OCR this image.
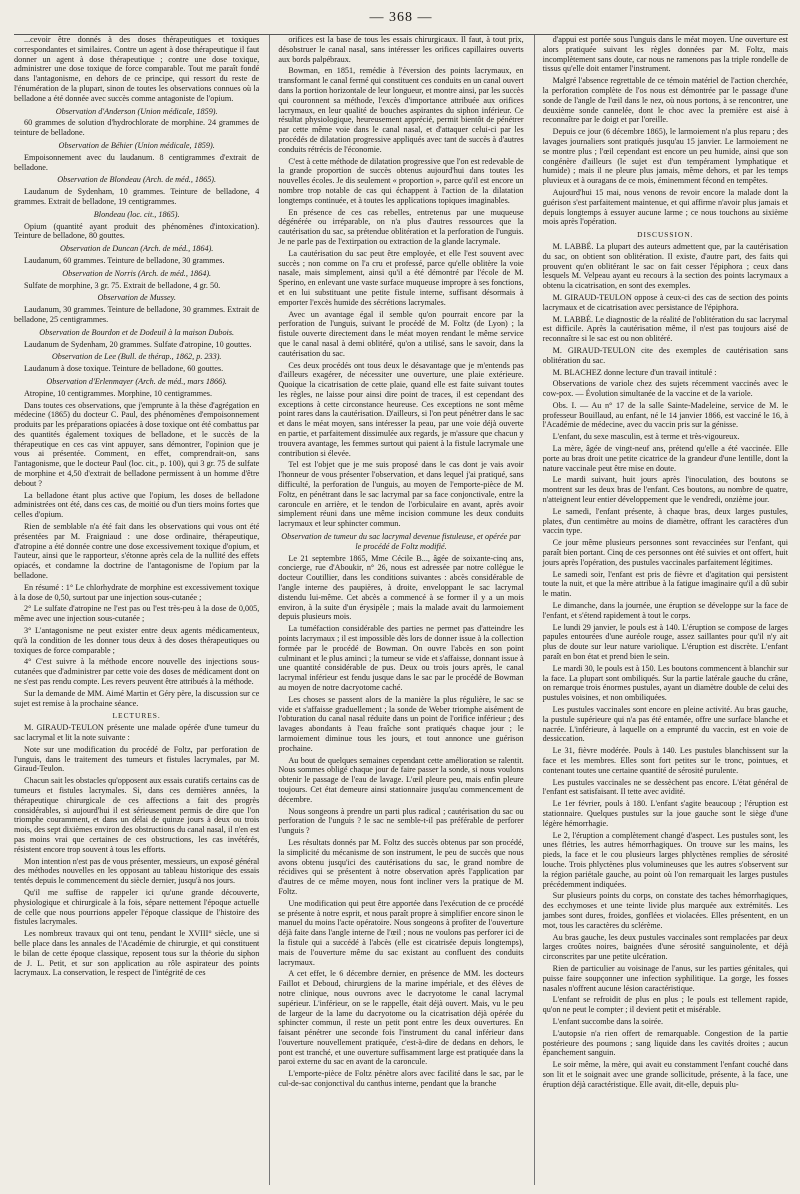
— 368 —

...cevoir être donnés à des doses thérapeutiques et toxiques correspondantes et similaires. Contre un agent à dose thérapeutique il faut donner un agent à dose thérapeutique ; contre une dose toxique, administrer une dose toxique de force comparable. Tout me paraît fondé dans l'antagonisme, en dehors de ce principe, qui ressort du reste de l'énumération de la plupart, sinon de toutes les observations connues où la belladone a été donnée avec succès comme antagoniste de l'opium.

Observation d'Anderson (Union médicale, 1859).

60 grammes de solution d'hydrochlorate de morphine. 24 grammes de teinture de belladone.

Observation de Béhier (Union médicale, 1859).

Empoisonnement avec du laudanum. 8 centigrammes d'extrait de belladone.

Observation de Blondeau (Arch. de méd., 1865).

Laudanum de Sydenham, 10 grammes. Teinture de belladone, 4 grammes. Extrait de belladone, 19 centigrammes.

Blondeau (loc. cit., 1865).

Opium (quantité ayant produit des phénomènes d'intoxication). Teinture de belladone, 80 gouttes.

Observation de Duncan (Arch. de méd., 1864).

Laudanum, 60 grammes. Teinture de belladone, 30 grammes.

Observation de Norris (Arch. de méd., 1864).

Sulfate de morphine, 3 gr. 75. Extrait de belladone, 4 gr. 50.

Observation de Mussey.

Laudanum, 30 grammes. Teinture de belladone, 30 grammes. Extrait de belladone, 25 centigrammes.

Observation de Bourdon et de Dodeuil à la maison Dubois.

Laudanum de Sydenham, 20 grammes. Sulfate d'atropine, 10 gouttes.

Observation de Lee (Bull. de thérap., 1862, p. 233).

Laudanum à dose toxique. Teinture de belladone, 60 gouttes.

Observation d'Erlenmayer (Arch. de méd., mars 1866).

Atropine, 10 centigrammes. Morphine, 10 centigrammes.

Dans toutes ces observations, que j'emprunte à la thèse d'agrégation en médecine (1865) du docteur C. Paul, des phénomènes d'empoisonnement produits par les préparations opiacées à dose toxique ont été combattus par des quantités également toxiques de belladone, et le succès de la thérapeutique en ces cas vint appuyer, sans démontrer, l'opinion que je vous ai présentée. Comment, en effet, comprendrait-on, sans l'antagonisme, que le docteur Paul (loc. cit., p. 100), qui 3 gr. 75 de sulfate de morphine et 4,50 d'extrait de belladone permissent à un homme d'être debout ?

La belladone étant plus active que l'opium, les doses de belladone administrées ont été, dans ces cas, de moitié ou d'un tiers moins fortes que celles d'opium.

Rien de semblable n'a été fait dans les observations qui vous ont été présentées par M. Fraigniaud : une dose ordinaire, thérapeutique, d'atropine a été donnée contre une dose excessivement toxique d'opium, et l'auteur, ainsi que le rapporteur, s'étonne après cela de la nullité des effets opiacés, et condamne la doctrine de l'antagonisme de l'opium par la belladone.

En résumé : 1° Le chlorhydrate de morphine est excessivement toxique à la dose de 0,50, surtout par une injection sous-cutanée ;

2° Le sulfate d'atropine ne l'est pas ou l'est très-peu à la dose de 0,005, même avec une injection sous-cutanée ;

3° L'antagonisme ne peut exister entre deux agents médicamenteux, qu'à la condition de les donner tous deux à des doses thérapeutiques ou toxiques de force comparable ;

4° C'est suivre à la méthode encore nouvelle des injections sous-cutanées que d'administrer par cette voie des doses de médicament dont on ne s'est pas rendu compte. Les revers peuvent être attribués à la méthode.

Sur la demande de MM. Aimé Martin et Géry père, la discussion sur ce sujet est remise à la prochaine séance.

LECTURES.

M. GIRAUD-TEULON présente une malade opérée d'une tumeur du sac lacrymal et lit la note suivante :

Note sur une modification du procédé de Foltz, par perforation de l'unguis, dans le traitement des tumeurs et fistules lacrymales, par M. Giraud-Teulon.

Chacun sait les obstacles qu'opposent aux essais curatifs certains cas de tumeurs et fistules lacrymales. Si, dans ces dernières années, la thérapeutique chirurgicale de ces affections a fait des progrès considérables, si aujourd'hui il est sérieusement permis de dire que l'on triomphe couramment, et dans un délai de quinze jours à deux ou trois mois, des sept dixièmes environ des obstructions du canal nasal, il n'en est pas moins vrai que certaines de ces obstructions, les cas invétérés, résistent encore trop souvent à tous les efforts.

Mon intention n'est pas de vous présenter, messieurs, un exposé général des méthodes nouvelles en les opposant au tableau historique des essais tentés depuis le commencement du siècle dernier, jusqu'à nos jours.

Qu'il me suffise de rappeler ici qu'une grande découverte, physiologique et chirurgicale à la fois, sépare nettement l'époque actuelle de celle que nous pourrions appeler l'époque classique de l'histoire des fistules lacrymales.

Les nombreux travaux qui ont tenu, pendant le XVIII° siècle, une si belle place dans les annales de l'Académie de chirurgie, et qui constituent le bilan de cette époque classique, reposent tous sur la théorie du siphon de J. L. Petit, et sur son application au rôle aspirateur des points lacrymaux. La conservation, le respect de l'intégrité de ces

orifices est la base de tous les essais chirurgicaux. Il faut, à tout prix, désobstruer le canal nasal, sans intéresser les orifices capillaires ouverts aux bords palpébraux.

Bowman, en 1851, remédie à l'éversion des points lacrymaux, en transformant le canal fermé qui constituent ces conduits en un canal ouvert dans la portion horizontale de leur longueur, et montre ainsi, par les succès qui couronnent sa méthode, l'excès d'importance attribuée aux orifices lacrymaux, en leur qualité de bouches aspirantes du siphon inférieur. Ce résultat physiologique, heureusement apprécié, permit bientôt de pénétrer par cette même voie dans le canal nasal, et d'attaquer celui-ci par les procédés de dilatation progressive appliqués avec tant de succès à d'autres conduits rétrécis de l'économie.

C'est à cette méthode de dilatation progressive que l'on est redevable de la grande proportion de succès obtenus aujourd'hui dans toutes les nouvelles écoles. Je dis seulement « proportion », parce qu'il est encore un nombre trop notable de cas qui échappent à l'action de la dilatation longtemps continuée, et à toutes les applications topiques imaginables.

En présence de ces cas rebelles, entretenus par une muqueuse dégénérée ou irréparable, on n'a plus d'autres ressources que la cautérisation du sac, sa prétendue oblitération et la perforation de l'unguis. Je ne parle pas de l'extirpation ou extraction de la glande lacrymale.

La cautérisation du sac peut être employée, et elle l'est souvent avec succès ; non comme on l'a cru et professé, parce qu'elle oblitère la voie nasale, mais simplement, ainsi qu'il a été démontré par l'école de M. Sperino, en enlevant une vaste surface muqueuse impropre à ses fonctions, et en lui substituant une petite fistule interne, suffisant désormais à emporter l'excès humide des sécrétions lacrymales.

Avec un avantage égal il semble qu'on pourrait encore par la perforation de l'unguis, suivant le procédé de M. Foltz (de Lyon) ; la fistule ouverte directement dans le méat moyen rendant le même service que le canal nasal à demi oblitéré, qu'on a utilisé, sans le savoir, dans la cautérisation du sac.

Ces deux procédés ont tous deux le désavantage que je m'entends pas d'ailleurs exagérer, de nécessiter une ouverture, une plaie extérieure. Quoique la cicatrisation de cette plaie, quand elle est faite suivant toutes les règles, ne laisse pour ainsi dire point de traces, il est cependant des exceptions à cette circonstance heureuse. Ces exceptions ne sont même point rares dans la cautérisation. D'ailleurs, si l'on peut pénétrer dans le sac et dans le méat moyen, sans intéresser la peau, par une voie déjà ouverte en partie, et parfaitement dissimulée aux regards, je m'assure que chacun y trouvera avantage, les femmes surtout qui paient à la fistule lacrymale une contribution si élevée.

Tel est l'objet que je me suis proposé dans le cas dont je vais avoir l'honneur de vous présenter l'observation, et dans lequel j'ai pratiqué, sans difficulté, la perforation de l'unguis, au moyen de l'emporte-pièce de M. Foltz, en pénétrant dans le sac lacrymal par sa face conjonctivale, entre la caroncule en arrière, et le tendon de l'orbiculaire en avant, après avoir simplement réuni dans une même incision commune les deux conduits lacrymaux et leur sphincter commun.

Observation de tumeur du sac lacrymal devenue fistuleuse, et opérée par le procédé de Foltz modifié.

Le 21 septembre 1865, Mme Cécile B..., âgée de soixante-cinq ans, concierge, rue d'Aboukir, n° 26, nous est adressée par notre collègue le docteur Coutillier, dans les conditions suivantes : abcès considérable de l'angle interne des paupières, à droite, enveloppant le sac lacrymal distendu lui-même. Cet abcès a commencé à se former il y a un mois environ, à la suite d'un érysipèle ; mais la malade avait du larmoiement depuis plusieurs mois.

La tuméfaction considérable des parties ne permet pas d'atteindre les points lacrymaux ; il est impossible dès lors de donner issue à la collection formée par le procédé de Bowman. On ouvre l'abcès en son point culminant et le plus aminci ; la tumeur se vide et s'affaisse, donnant issue à une quantité considérable de pus. Deux ou trois jours après, le canal lacrymal inférieur est fendu jusque dans le sac par le procédé de Bowman au moyen de notre dacryotome caché.

Les choses se passent alors de la manière la plus régulière, le sac se vide et s'affaisse graduellement ; la sonde de Weber triomphe aisément de l'obturation du canal nasal réduite dans un point de l'orifice inférieur ; des lavages abondants à l'eau fraîche sont pratiqués chaque jour ; le larmoiement diminue tous les jours, et tout annonce une guérison prochaine.

Au bout de quelques semaines cependant cette amélioration se ralentit. Nous sommes obligé chaque jour de faire passer la sonde, si nous voulons obtenir le passage de l'eau de lavage. L'œil pleure peu, mais enfin pleure toujours. Cet état demeure ainsi stationnaire jusqu'au commencement de décembre.

Nous songeons à prendre un parti plus radical ; cautérisation du sac ou perforation de l'unguis ? le sac ne semble-t-il pas préférable de perforer l'unguis ?

Les résultats donnés par M. Foltz des succès obtenus par son procédé, la simplicité du mécanisme de son instrument, le peu de succès que nous avons obtenu jusqu'ici des cautérisations du sac, le grand nombre de récidives qui se présentent à notre observation après l'application par d'autres de ce même moyen, nous font incliner vers la pratique de M. Foltz.

Une modification qui peut être apportée dans l'exécution de ce procédé se présente à notre esprit, et nous paraît propre à simplifier encore sinon le manuel du moins l'acte opératoire. Nous songeons à profiter de l'ouverture déjà faite dans l'angle interne de l'œil ; nous ne voulons pas perforer ici de la fistule qui a succédé à l'abcès (elle est cicatrisée depuis longtemps), mais de l'ouverture même du sac existant au confluent des conduits lacrymaux.

A cet effet, le 6 décembre dernier, en présence de MM. les docteurs Faillot et Deboud, chirurgiens de la marine impériale, et des élèves de notre clinique, nous ouvrons avec le dacryotome le canal lacrymal supérieur. L'inférieur, on se le rappelle, était déjà ouvert. Mais, vu le peu de largeur de la lame du dacryotome ou la cicatrisation déjà opérée du sphincter commun, il reste un petit pont entre les deux ouvertures. En faisant pénétrer une seconde fois l'instrument du canal inférieur dans l'ouverture nouvellement pratiquée, c'est-à-dire de dedans en dehors, le pont est tranché, et une ouverture suffisamment large est pratiquée dans la paroi externe du sac en avant de la caroncule.

L'emporte-pièce de Foltz pénètre alors avec facilité dans le sac, par le cul-de-sac conjonctival du canthus interne, pendant que la branche

d'appui est portée sous l'unguis dans le méat moyen. Une ouverture est alors pratiquée suivant les règles données par M. Foltz, mais incomplètement sans doute, car nous ne ramenons pas la triple rondelle de tissus qu'elle doit entamer l'instrument.

Malgré l'absence regrettable de ce témoin matériel de l'action cherchée, la perforation complète de l'os nous est démontrée par le passage d'une sonde de l'angle de l'œil dans le nez, où nous portons, à se rencontrer, une deuxième sonde cannelée, dont le choc avec la première est aisé à reconnaître par le doigt et par l'oreille.

Depuis ce jour (6 décembre 1865), le larmoiement n'a plus reparu ; des lavages journaliers sont pratiqués jusqu'au 15 janvier. Le larmoiement ne se montre plus ; l'œil cependant est encore un peu humide, ainsi que son congénère d'ailleurs (le sujet est d'un tempérament lymphatique et humide) ; mais il ne pleure plus jamais, même dehors, et par les temps pluvieux et à ouragans de ce mois, éminemment fécond en tempêtes.

Aujourd'hui 15 mai, nous venons de revoir encore la malade dont la guérison s'est parfaitement maintenue, et qui affirme n'avoir plus jamais et depuis longtemps à essuyer aucune larme ; ce nous touchons au sixième mois après l'opération.

DISCUSSION.

M. LABBÉ. La plupart des auteurs admettent que, par la cautérisation du sac, on obtient son oblitération. Il existe, d'autre part, des faits qui prouvent qu'en oblitérant le sac on fait cesser l'épiphora ; ceux dans lesquels M. Velpeau ayant eu recours à la section des points lacrymaux a obtenu la cicatrisation, en sont des exemples.

M. GIRAUD-TEULON oppose à ceux-ci des cas de section des points lacrymaux et de cicatrisation avec persistance de l'épiphora.

M. LABBÉ. Le diagnostic de la réalité de l'oblitération du sac lacrymal est difficile. Après la cautérisation même, il n'est pas toujours aisé de reconnaître si le sac est ou non oblitéré.

M. GIRAUD-TEULON cite des exemples de cautérisation sans oblitération du sac.

M. BLACHEZ donne lecture d'un travail intitulé :

Observations de variole chez des sujets récemment vaccinés avec le cow-pox. — Évolution simultanée de la vaccine et de la variole.

Obs. I. — Au n° 17 de la salle Sainte-Madeleine, service de M. le professeur Bouillaud, au enfant, né le 14 janvier 1866, est vacciné le 16, à l'Académie de médecine, avec du vaccin pris sur la génisse.

L'enfant, du sexe masculin, est à terme et très-vigoureux.

La mère, âgée de vingt-neuf ans, prétend qu'elle a été vaccinée. Elle porte au bras droit une petite cicatrice de la grandeur d'une lentille, dont la nature vaccinale peut être mise en doute.

Le mardi suivant, huit jours après l'inoculation, des boutons se montrent sur les deux bras de l'enfant. Ces boutons, au nombre de quatre, n'atteignent leur entier développement que le vendredi, onzième jour.

Le samedi, l'enfant présente, à chaque bras, deux larges pustules, plates, d'un centimètre au moins de diamètre, offrant les caractères d'un vaccin type.

Ce jour même plusieurs personnes sont revaccinées sur l'enfant, qui paraît bien portant. Cinq de ces personnes ont été suivies et ont offert, huit jours après l'opération, des pustules vaccinales parfaitement légitimes.

Le samedi soir, l'enfant est pris de fièvre et d'agitation qui persistent toute la nuit, et que la mère attribue à la fatigue imaginaire qu'il a dû subir le matin.

Le dimanche, dans la journée, une éruption se développe sur la face de l'enfant, et s'étend rapidement à tout le corps.

Le lundi 29 janvier, le pouls est à 140. L'éruption se compose de larges papules entourées d'une auréole rouge, assez saillantes pour qu'il n'y ait plus de doute sur leur nature variolique. L'éruption est discrète. L'enfant paraît en bon état et prend bien le sein.

Le mardi 30, le pouls est à 150. Les boutons commencent à blanchir sur la face. La plupart sont ombiliqués. Sur la partie latérale gauche du crâne, on remarque trois énormes pustules, ayant un diamètre double de celui des pustules voisines, et non ombiliquées.

Les pustules vaccinales sont encore en pleine activité. Au bras gauche, la pustule supérieure qui n'a pas été entamée, offre une surface blanche et nacrée. L'inférieure, à laquelle on a emprunté du vaccin, est en voie de dessiccation.

Le 31, fièvre modérée. Pouls à 140. Les pustules blanchissent sur la face et les membres. Elles sont fort petites sur le tronc, pointues, et contenant toutes une certaine quantité de sérosité purulente.

Les pustules vaccinales ne se dessèchent pas encore. L'état général de l'enfant est satisfaisant. Il tette avec avidité.

Le 1er février, pouls à 180. L'enfant s'agite beaucoup ; l'éruption est stationnaire. Quelques pustules sur la joue gauche sont le siège d'une légère hémorrhagie.

Le 2, l'éruption a complètement changé d'aspect. Les pustules sont, les unes flétries, les autres hémorrhagiques. On trouve sur les mains, les pieds, la face et le cou plusieurs larges phlyctènes remplies de sérosité louche. Trois phlyctènes plus volumineuses que les autres s'observent sur la région pariétale gauche, au point où l'on remarquait les larges pustules précédemment indiquées.

Sur plusieurs points du corps, on constate des taches hémorrhagiques, des ecchymoses et une teinte livide plus marquée aux extrémités. Les jambes sont dures, froides, gonflées et violacées. Elles présentent, en un mot, tous les caractères du sclérème.

Au bras gauche, les deux pustules vaccinales sont remplacées par deux larges croûtes noires, baignées d'une sérosité sanguinolente, et déjà circonscrites par une petite ulcération.

Rien de particulier au voisinage de l'anus, sur les parties génitales, qui puisse faire soupçonner une infection syphilitique. La gorge, les fosses nasales n'offrent aucune lésion caractéristique.

L'enfant se refroidit de plus en plus ; le pouls est tellement rapide, qu'on ne peut le compter ; il devient petit et misérable.

L'enfant succombe dans la soirée.

L'autopsie n'a rien offert de remarquable. Congestion de la partie postérieure des poumons ; sang liquide dans les cavités droites ; aucun épanchement sanguin.

Le soir même, la mère, qui avait eu constamment l'enfant couché dans son lit et le soignait avec une grande sollicitude, présente, à la face, une éruption déjà caractéristique. Elle avait, dit-elle, depuis plu-
